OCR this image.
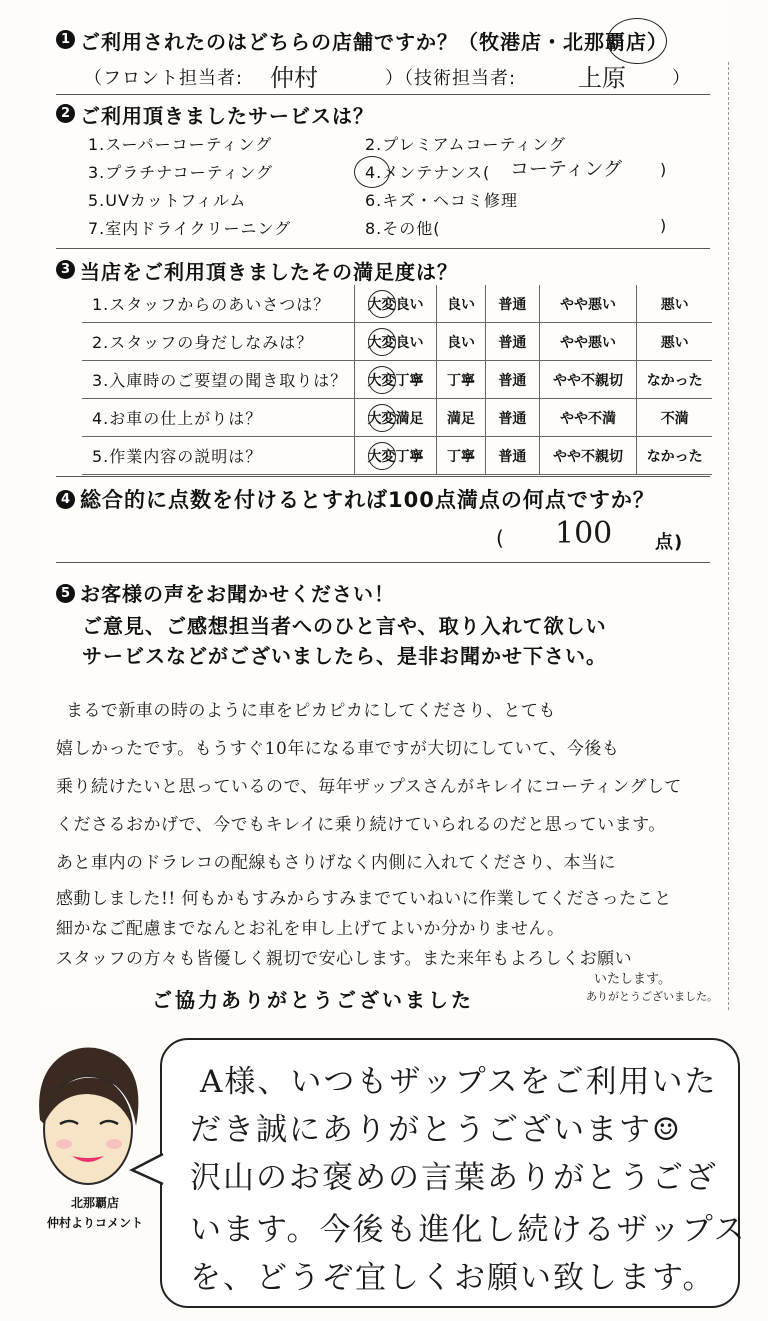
1 ご利用されたのはどちらの店舗ですか？（牧港店・北那覇店）
（フロント担当者: 仲村	）（技術担当者:	上原	）
2 ご利用頂きましたサービスは？
1.スーパーコーティング	2.プレミアムコーティング
3.プラチナコーティング	4.メンテナンス( コーティング )
5.UVカットフィルム	6.キズ・ヘコミ修理
7.室内ドライクリーニング	8.その他(	)
3 当店をご利用頂きましたその満足度は？
1.スタッフからのあいさつは？	大変良い	良い	普通	やや悪い	悪い
2.スタッフの身だしなみは？	大変良い	良い	普通	やや悪い	悪い
3.入庫時のご要望の聞き取りは？	大変丁寧	丁寧	普通	やや不親切	なかった
4.お車の仕上がりは？	大変満足	満足	普通	やや不満	不満
5.作業内容の説明は？	大変丁寧	丁寧	普通	やや不親切	なかった
4 総合的に点数を付けるとすれば100点満点の何点ですか？
( 100 点)
5 お客様の声をお聞かせください！
ご意見、ご感想担当者へのひと言や、取り入れて欲しい
サービスなどがございましたら、是非お聞かせ下さい。
まるで新車の時のように車をピカピカにしてくださり、とても
嬉しかったです。もうすぐ10年になる車ですが大切にしていて、今後も
乗り続けたいと思っているので、毎年ザップスさんがキレイにコーティングして
くださるおかげで、今でもキレイに乗り続けていられるのだと思っています。
あと車内のドラレコの配線もさりげなく内側に入れてくださり、本当に
感動しました!! 何もかもすみからすみまでていねいに作業してくださったこと
細かなご配慮までなんとお礼を申し上げてよいか分かりません。
スタッフの方々も皆優しく親切で安心します。また来年もよろしくお願い
ご協力ありがとうございました
いたします。
ありがとうございました。
北那覇店
仲村よりコメント
A様、いつもザップスをご利用いた
だき誠にありがとうございます☺
沢山のお褒めの言葉ありがとうござ
います。今後も進化し続けるザップス
を、どうぞ宜しくお願い致します。
